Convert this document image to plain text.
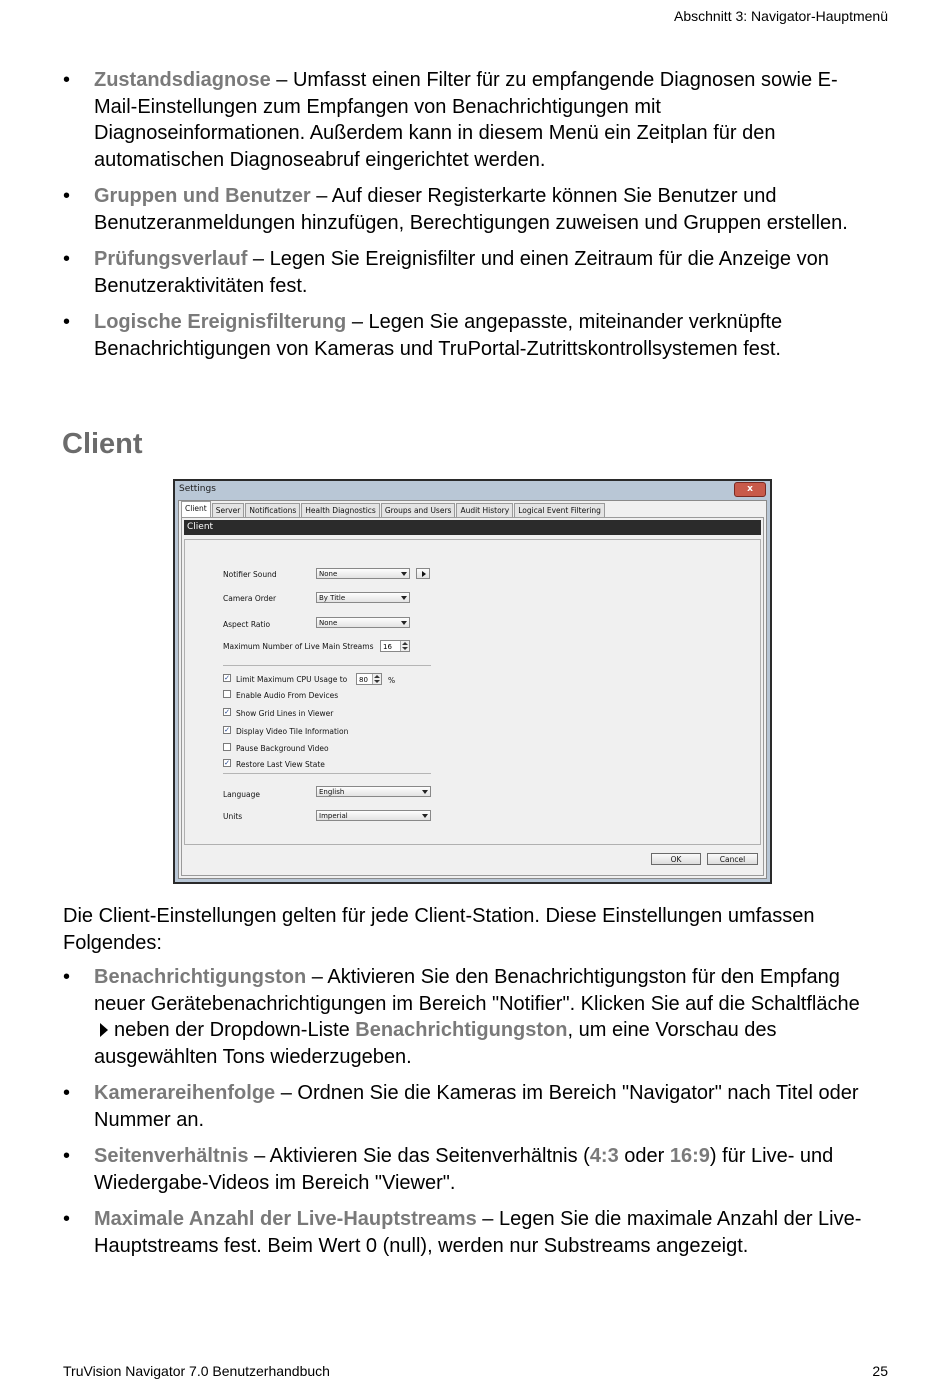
Abschnitt 3: Navigator-Hauptmenü
• Zustandsdiagnose – Umfasst einen Filter für zu empfangende Diagnosen sowie E-Mail-Einstellungen zum Empfangen von Benachrichtigungen mit Diagnoseinformationen. Außerdem kann in diesem Menü ein Zeitplan für den automatischen Diagnoseabruf eingerichtet werden.
• Gruppen und Benutzer – Auf dieser Registerkarte können Sie Benutzer und Benutzeranmeldungen hinzufügen, Berechtigungen zuweisen und Gruppen erstellen.
• Prüfungsverlauf – Legen Sie Ereignisfilter und einen Zeitraum für die Anzeige von Benutzeraktivitäten fest.
• Logische Ereignisfilterung – Legen Sie angepasste, miteinander verknüpfte Benachrichtigungen von Kameras und TruPortal-Zutrittskontrollsystemen fest.
Client
Settings	x
Client	Server	Notifications	Health Diagnostics	Groups and Users	Audit History	Logical Event Filtering
Client
Notifier Sound	None
Camera Order	By Title
Aspect Ratio	None
Maximum Number of Live Main Streams	16
✓ Limit Maximum CPU Usage to	80	%
Enable Audio From Devices
✓ Show Grid Lines in Viewer
✓ Display Video Tile Information
Pause Background Video
✓ Restore Last View State
Language	English
Units	Imperial
OK	Cancel

Die Client-Einstellungen gelten für jede Client-Station. Diese Einstellungen umfassen Folgendes:

• Benachrichtigungston – Aktivieren Sie den Benachrichtigungston für den Empfang neuer Gerätebenachrichtigungen im Bereich "Notifier". Klicken Sie auf die Schaltflächeneben der Dropdown-Liste Benachrichtigungston, um eine Vorschau des ausgewählten Tons wiederzugeben.
• Kamerareihenfolge – Ordnen Sie die Kameras im Bereich "Navigator" nach Titel oder Nummer an.
• Seitenverhältnis – Aktivieren Sie das Seitenverhältnis (4:3 oder 16:9) für Live- und Wiedergabe-Videos im Bereich "Viewer".
• Maximale Anzahl der Live-Hauptstreams – Legen Sie die maximale Anzahl der Live-Hauptstreams fest. Beim Wert 0 (null), werden nur Substreams angezeigt.
TruVision Navigator 7.0 Benutzerhandbuch	25
